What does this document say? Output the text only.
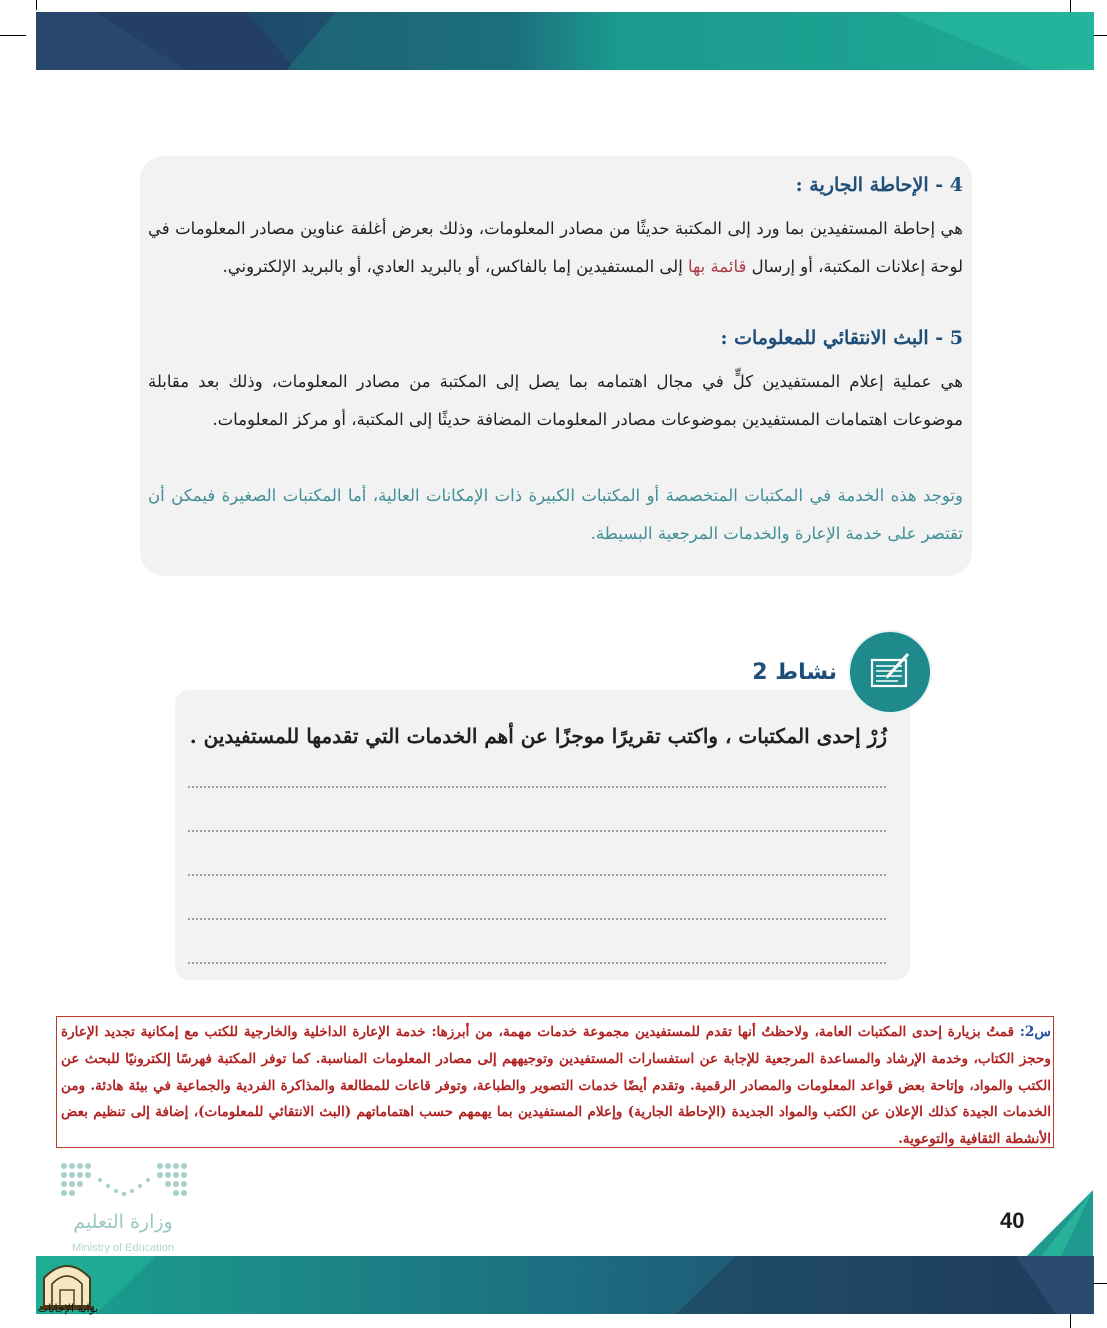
4 - الإحاطة الجارية :
هي إحاطة المستفيدين بما ورد إلى المكتبة حديثًا من مصادر المعلومات، وذلك بعرض أغلفة عناوين مصادر المعلومات في لوحة إعلانات المكتبة، أو إرسال قائمة بها إلى المستفيدين إما بالفاكس، أو بالبريد العادي، أو بالبريد الإلكتروني.
5 - البث الانتقائي للمعلومات :
هي عملية إعلام المستفيدين كلٍّ في مجال اهتمامه بما يصل إلى المكتبة من مصادر المعلومات، وذلك بعد مقابلة موضوعات اهتمامات المستفيدين بموضوعات مصادر المعلومات المضافة حديثًا إلى المكتبة، أو مركز المعلومات.
وتوجد هذه الخدمة في المكتبات المتخصصة أو المكتبات الكبيرة ذات الإمكانات العالية، أما المكتبات الصغيرة فيمكن أن تقتصر على خدمة الإعارة والخدمات المرجعية البسيطة.
نشاط 2
زُرْ إحدى المكتبات ، واكتب تقريرًا موجزًا عن أهم الخدمات التي تقدمها للمستفيدين .
س2: قمتُ بزيارة إحدى المكتبات العامة، ولاحظتُ أنها تقدم للمستفيدين مجموعة خدمات مهمة، من أبرزها: خدمة الإعارة الداخلية والخارجية للكتب مع إمكانية تجديد الإعارة وحجز الكتاب، وخدمة الإرشاد والمساعدة المرجعية للإجابة عن استفسارات المستفيدين وتوجيههم إلى مصادر المعلومات المناسبة. كما توفر المكتبة فهرسًا إلكترونيًا للبحث عن الكتب والمواد، وإتاحة بعض قواعد المعلومات والمصادر الرقمية. وتقدم أيضًا خدمات التصوير والطباعة، وتوفر قاعات للمطالعة والمذاكرة الفردية والجماعية في بيئة هادئة. ومن الخدمات الجيدة كذلك الإعلان عن الكتب والمواد الجديدة (الإحاطة الجارية) وإعلام المستفيدين بما يهمهم حسب اهتماماتهم (البث الانتقائي للمعلومات)، إضافة إلى تنظيم بعض الأنشطة الثقافية والتوعوية.
وزارة التعليم
Ministry of Education
40
بوابة الإجابات
